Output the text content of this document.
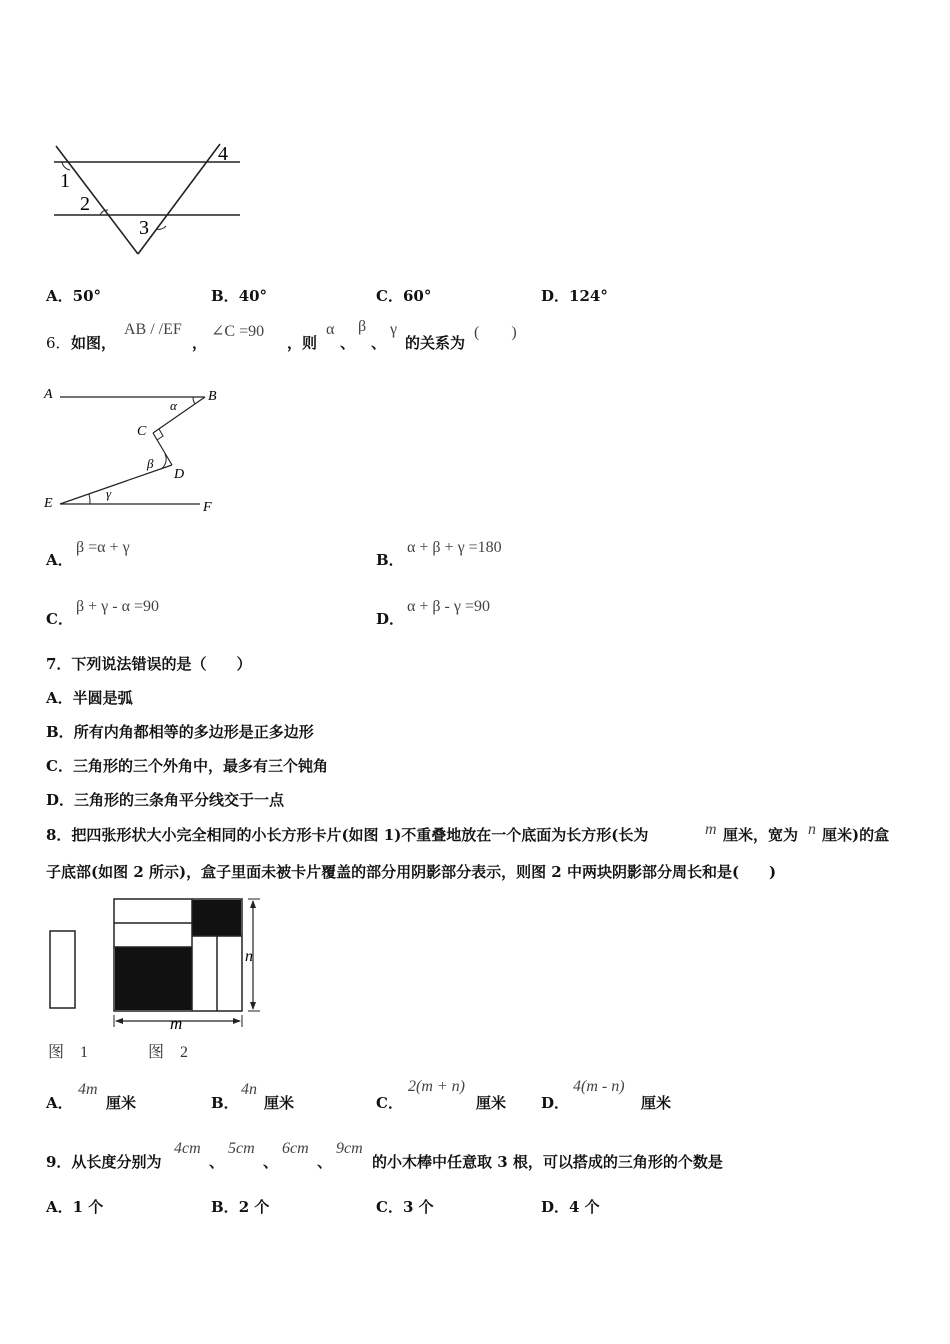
1
2
3
4
A．50°	B．40°	C．60°	D．124°
6． 如图，
AB / /EF
，
∠C =90
，则
α
、
β
、
γ
的关系为
(　　)
A	B
C
D
E	F
α
β
γ
A．
β =α + γ
B．
α + β + γ =180
C．
β + γ - α =90
D．
α + β - γ =90
7．下列说法错误的是（　　）
A．半圆是弧
B．所有内角都相等的多边形是正多边形
C．三角形的三个外角中，最多有三个钝角
D．三角形的三条角平分线交于一点
8．把四张形状大小完全相同的小长方形卡片(如图 1)不重叠地放在一个底面为长方形(长为	m 厘米，宽为 n 厘米)的盒
子底部(如图 2 所示)，盒子里面未被卡片覆盖的部分用阴影部分表示，则图 2 中两块阴影部分周长和是(　　)
n
m
图　1	图　2
A．
4m
厘米	B．
4n
厘米	C．
2(m + n)
厘米 D．
4(m - n)
厘米
9．从长度分别为
4cm
、
5cm
、
6cm
、
9cm
的小木棒中任意取 3 根，可以搭成的三角形的个数是
A．1 个	B．2 个	C．3 个	D．4 个
